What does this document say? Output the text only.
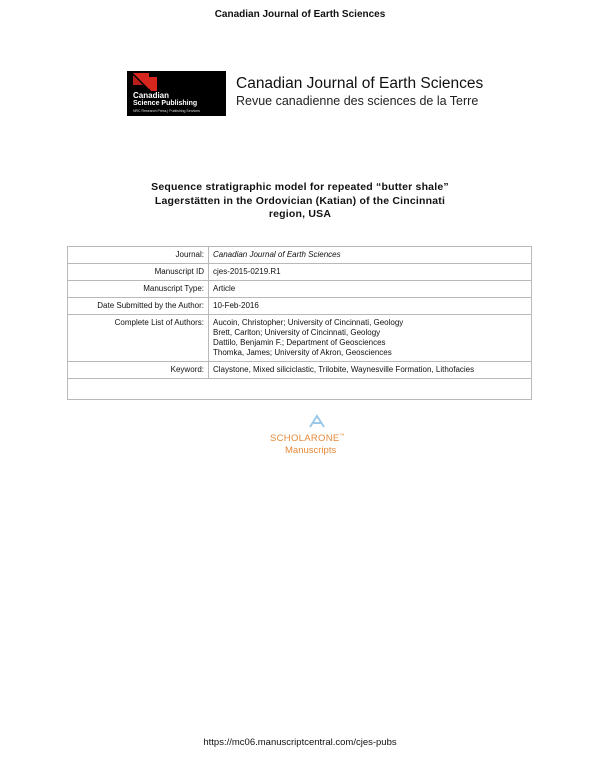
Canadian Journal of Earth Sciences
Canadian
Science Publishing
NRC Research Press | Publishing Services
Canadian Journal of Earth Sciences
Revue canadienne des sciences de la Terre
Sequence stratigraphic model for repeated “butter shale”
Lagerstätten in the Ordovician (Katian) of the Cincinnati
region, USA
Journal:	Canadian Journal of Earth Sciences
Manuscript ID	cjes-2015-0219.R1
Manuscript Type:	Article
Date Submitted by the Author:	10-Feb-2016
Complete List of Authors:	Aucoin, Christopher; University of Cincinnati, Geology
Brett, Carlton; University of Cincinnati, Geology
Dattilo, Benjamin F.; Department of Geosciences
Thomka, James; University of Akron, Geosciences

Keyword:	Claystone, Mixed siliciclastic, Trilobite, Waynesville Formation, Lithofacies

SCHOLARONE™
Manuscripts
https://mc06.manuscriptcentral.com/cjes-pubs
